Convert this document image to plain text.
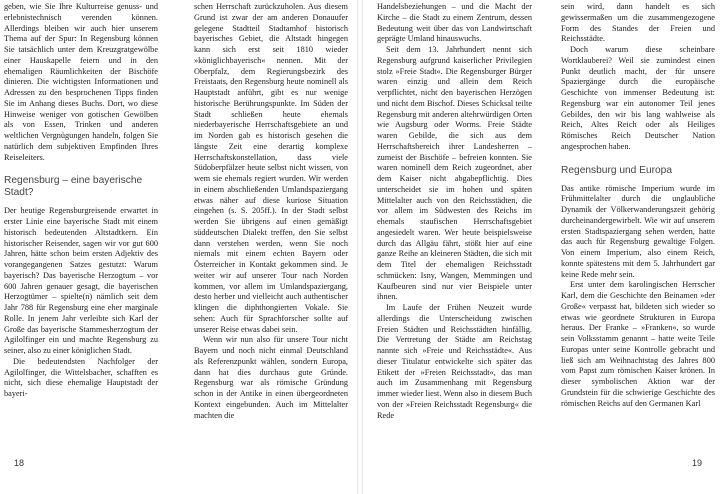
geben, wie Sie Ihre Kulturreise genuss- und erlebnistechnisch verenden können. Allerdings bleiben wir auch hier unserem Thema auf der Spur: In Regensburg können Sie tatsächlich unter dem Kreuzgratgewölbe einer Hauskapelle feiern und in den ehemaligen Räumlichkeiten der Bischöfe dinieren. Die wichtigsten Informationen und Adressen zu den besprochenen Tipps finden Sie im Anhang dieses Buchs. Dort, wo diese Hinweise weniger von gotischen Gewölben als von Essen, Trinken und anderen weltlichen Vergnügungen handeln, folgen Sie natürlich dem subjektiven Empfinden Ihres Reiseleiters.

Regensburg – eine bayerische Stadt?

Der heutige Regensburgreisende erwartet in erster Linie eine bayerische Stadt mit einem historisch bedeutenden Altstadtkern. Ein historischer Reisender, sagen wir vor gut 600 Jahren, hätte schon beim ersten Adjektiv des vorangegangenen Satzes gestutzt: Warum bayerisch? Das bayerische Herzogtum – vor 600 Jahren genauer gesagt, die bayerischen Herzogtümer – spielte(n) nämlich seit dem Jahr 788 für Regensburg eine eher marginale Rolle. In jenem Jahr verleibte sich Karl der Große das bayerische Stammesherzogtum der Agilolfinger ein und machte Regensburg zu seiner, also zu einer königlichen Stadt.

Die bedeutendsten Nachfolger der Agilolfinger, die Wittelsbacher, schafften es nicht, sich diese ehemalige Hauptstadt der bayeri-

schen Herrschaft zurückzuholen. Aus diesem Grund ist zwar der am anderen Donauufer gelegene Stadtteil Stadtamhof historisch bayerisches Gebiet, die Altstadt hingegen kann sich erst seit 1810 wieder »königlichbayerisch« nennen. Mit der Oberpfalz, dem Regierungsbezirk des Freistaats, den Regensburg heute nominell als Hauptstadt anführt, gibt es nur wenige historische Berührungspunkte. Im Süden der Stadt schließen heute ehemals niederbayerische Herrschaftsgebiete an und im Norden gab es historisch gesehen die längste Zeit eine derartig komplexe Herrschaftskonstellation, dass viele Südoberpfälzer heute selbst nicht wissen, von wem sie ehemals regiert wurden. Wir werden in einem abschließenden Umlandspaziergang etwas näher auf diese kuriose Situation eingehen (s. S. 205ff.). In der Stadt selbst werden Sie übrigens auf einen gemäßigt süddeutschen Dialekt treffen, den Sie selbst dann verstehen werden, wenn Sie noch niemals mit einem echten Bayern oder Österreicher in Kontakt gekommen sind. Je weiter wir auf unserer Tour nach Norden kommen, vor allem im Umlandspaziergang, desto herber und vielleicht auch authentischer klingen die diphthongierten Vokale. Sie sehen: Auch für Sprachforscher sollte auf unserer Reise etwas dabei sein.

Wenn wir nun also für unsere Tour nicht Bayern und noch nicht einmal Deutschland als Referenzpunkt wählen, sondern Europa, dann hat dies durchaus gute Gründe. Regensburg war als römische Gründung schon in der Antike in einen übergeordneten Kontext eingebunden. Auch im Mittelalter machten die

18

Handelsbeziehungen – und die Macht der Kirche – die Stadt zu einem Zentrum, dessen Bedeutung weit über das von Landwirtschaft geprägte Umland hinauswuchs.

Seit dem 13. Jahrhundert nennt sich Regensburg aufgrund kaiserlicher Privilegien stolz »Freie Stadt«. Die Regensburger Bürger waren einzig und allein dem Reich verpflichtet, nicht den bayerischen Herzögen und nicht dem Bischof. Dieses Schicksal teilte Regensburg mit anderen altehrwürdigen Orten wie Augsburg oder Worms. Freie Städte waren Gebilde, die sich aus dem Herrschaftsbereich ihrer Landesherren – zumeist der Bischöfe – befreien konnten. Sie waren nominell dem Reich zugeordnet, aber dem Kaiser nicht abgabepflichtig. Dies unterscheidet sie im hohen und späten Mittelalter auch von den Reichsstädten, die vor allem im Südwesten des Reichs im ehemals staufischen Herrschaftsgebiet angesiedelt waren. Wer heute beispielsweise durch das Allgäu fährt, stößt hier auf eine ganze Reihe an kleineren Städten, die sich mit dem Titel der ehemaligen Reichsstadt schmücken: Isny, Wangen, Memmingen und Kaufbeuren sind nur vier Beispiele unter ihnen.

Im Laufe der Frühen Neuzeit wurde allerdings die Unterscheidung zwischen Freien Städten und Reichsstädten hinfällig. Die Vertretung der Städte am Reichstag nannte sich »Freie und Reichsstädte«. Aus dieser Titulatur entwickelte sich später das Etikett der »Freien Reichsstadt«, das man auch im Zusammenhang mit Regensburg immer wieder liest. Wenn also in diesem Buch von der »Freien Reichsstadt Regensburg« die Rede

sein wird, dann handelt es sich gewissermaßen um die zusammengezogene Form des Standes der Freien und Reichsstädte.

Doch warum diese scheinbare Wortklauberei? Weil sie zumindest einen Punkt deutlich macht, der für unsere Spaziergänge durch die europäische Geschichte von immenser Bedeutung ist: Regensburg war ein autonomer Teil jenes Gebildes, den wir bis lang wahlweise als Reich, Altes Reich oder als Heiliges Römisches Reich Deutscher Nation angesprochen haben.

Regensburg und Europa

Das antike römische Imperium wurde im Frühmittelalter durch die unglaubliche Dynamik der Völkerwanderungszeit gehörig durcheinandergewirbelt. Wie wir auf unserem ersten Stadtspaziergang sehen werden, hatte das auch für Regensburg gewaltige Folgen. Von einem Imperium, also einem Reich, konnte spätestens mit dem 5. Jahrhundert gar keine Rede mehr sein.

Erst unter dem karolingischen Herrscher Karl, dem die Geschichte den Beinamen »der Große« verpasst hat, bildeten sich wieder so etwas wie geordnete Strukturen in Europa heraus. Der Franke – »Franken«, so wurde sein Volksstamm genannt – hatte weite Teile Europas unter seine Kontrolle gebracht und ließ sich am Weihnachtstag des Jahres 800 vom Papst zum römischen Kaiser krönen. In dieser symbolischen Aktion war der Grundstein für die schwierige Geschichte des römischen Reichs auf den Germanen Karl

19
